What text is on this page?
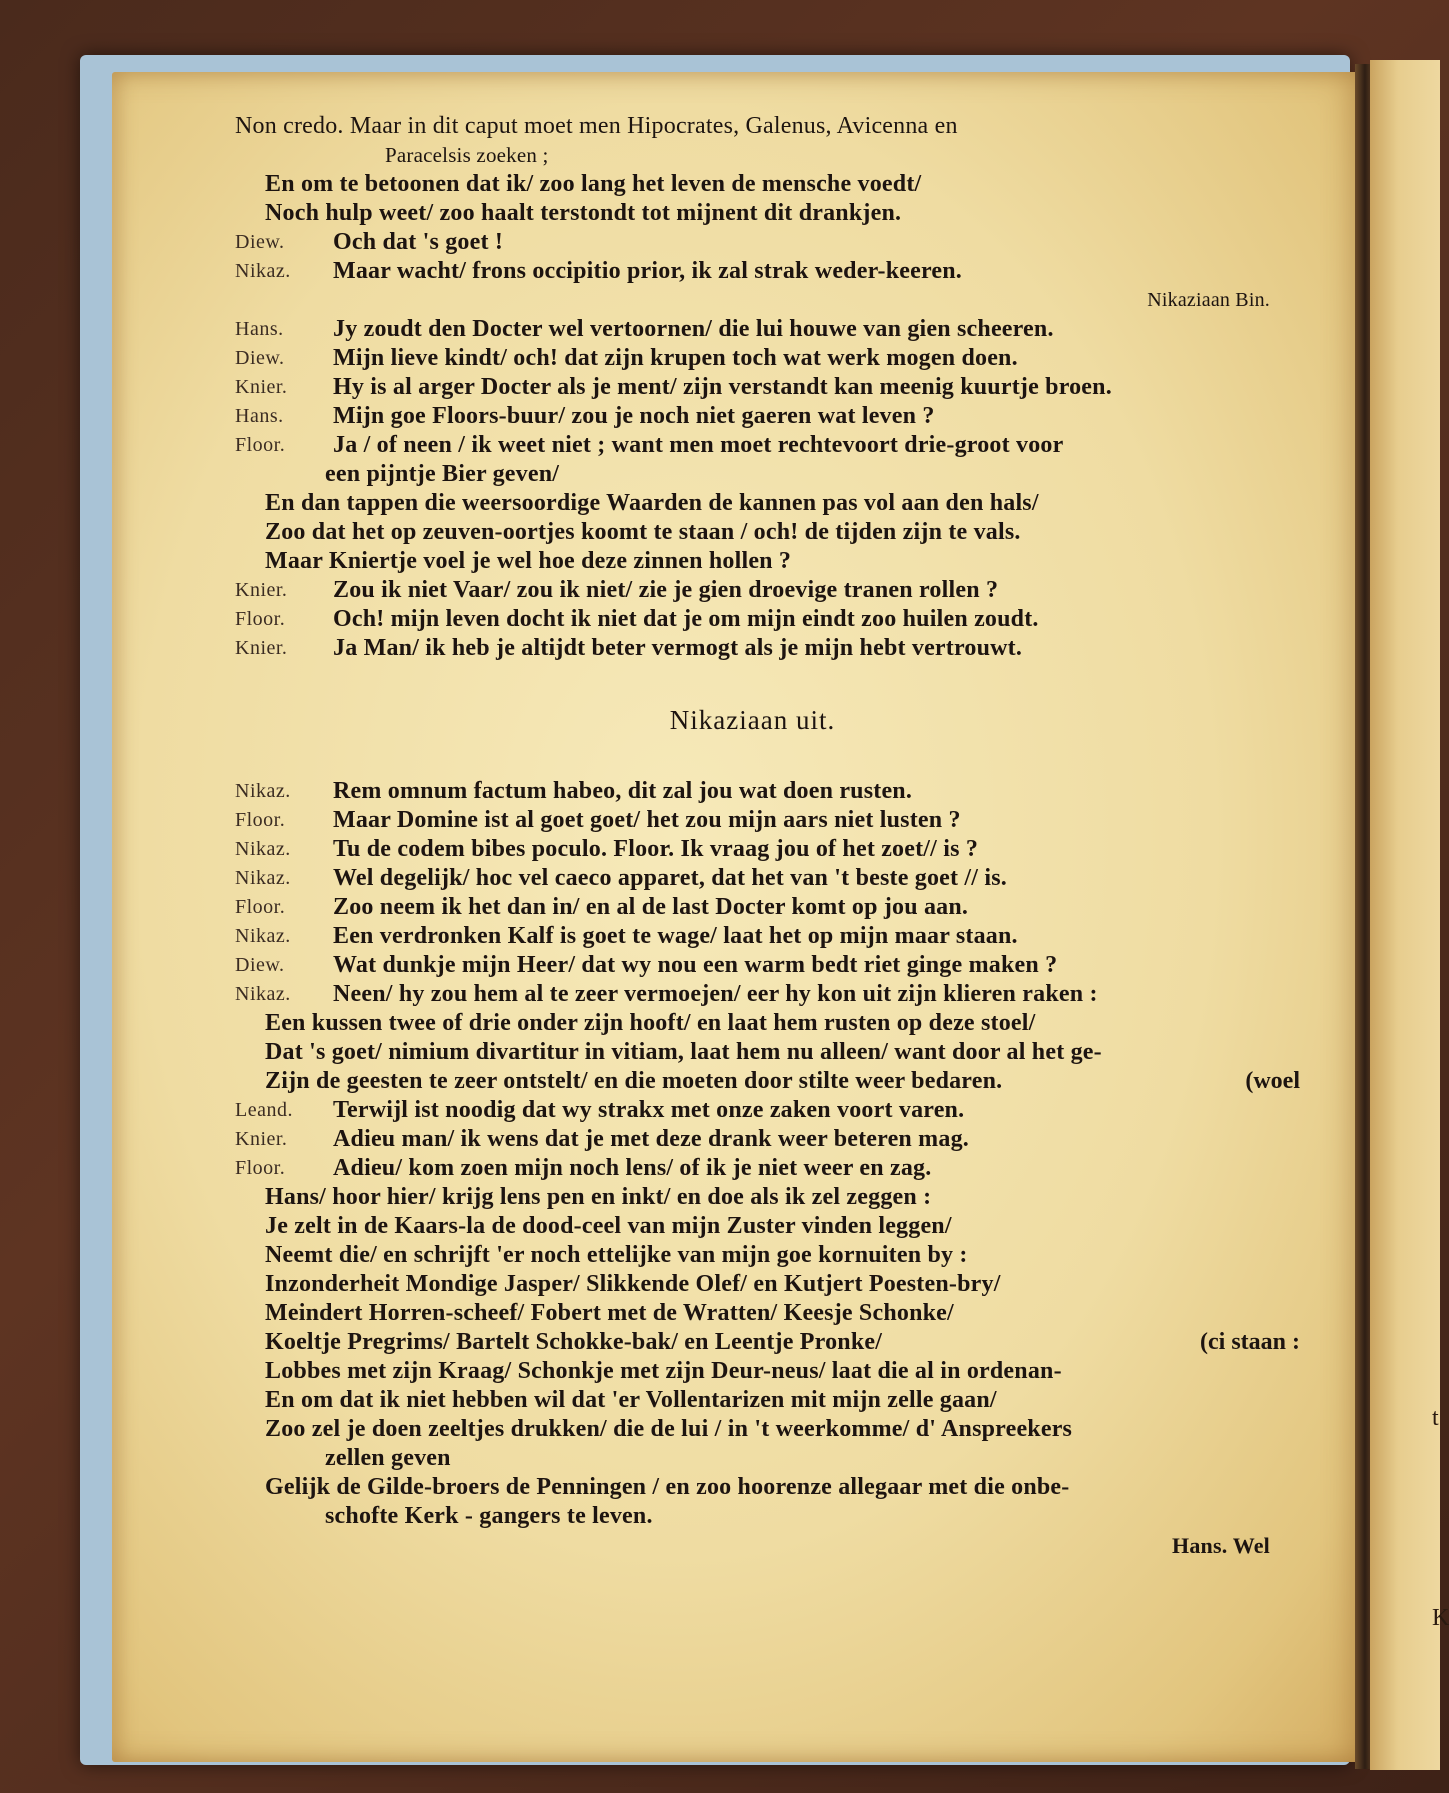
t
K
Non credo. Maar in dit caput moet men Hipocrates, Galenus, Avicenna en
Paracelsis zoeken ;
En om te betoonen dat ik/ zoo lang het leven de mensche voedt/
Noch hulp weet/ zoo haalt terstondt tot mijnent dit drankjen.
Diew. Och dat 's goet !
Nikaz. Maar wacht/ frons occipitio prior, ik zal strak weder-keeren.
Nikaziaan Bin.
Hans. Jy zoudt den Docter wel vertoornen/ die lui houwe van gien scheeren.
Diew. Mijn lieve kindt/ och! dat zijn krupen toch wat werk mogen doen.
Knier. Hy is al arger Docter als je ment/ zijn verstandt kan meenig kuurtje broen.
Hans. Mijn goe Floors-buur/ zou je noch niet gaeren wat leven ?
Floor. Ja / of neen / ik weet niet ; want men moet rechtevoort drie-groot voor
een pijntje Bier geven/
En dan tappen die weersoordige Waarden de kannen pas vol aan den hals/
Zoo dat het op zeuven-oortjes koomt te staan / och! de tijden zijn te vals.
Maar Kniertje voel je wel hoe deze zinnen hollen ?
Knier. Zou ik niet Vaar/ zou ik niet/ zie je gien droevige tranen rollen ?
Floor. Och! mijn leven docht ik niet dat je om mijn eindt zoo huilen zoudt.
Knier. Ja Man/ ik heb je altijdt beter vermogt als je mijn hebt vertrouwt.
Nikaziaan uit.
Nikaz. Rem omnum factum habeo, dit zal jou wat doen rusten.
Floor. Maar Domine ist al goet goet/ het zou mijn aars niet lusten ?
Nikaz. Tu de codem bibes poculo. Floor. Ik vraag jou of het zoet// is ?
Nikaz. Wel degelijk/ hoc vel caeco apparet, dat het van 't beste goet // is.
Floor. Zoo neem ik het dan in/ en al de last Docter komt op jou aan.
Nikaz. Een verdronken Kalf is goet te wage/ laat het op mijn maar staan.
Diew. Wat dunkje mijn Heer/ dat wy nou een warm bedt riet ginge maken ?
Nikaz. Neen/ hy zou hem al te zeer vermoejen/ eer hy kon uit zijn klieren raken :
Een kussen twee of drie onder zijn hooft/ en laat hem rusten op deze stoel/
Dat 's goet/ nimium divartitur in vitiam, laat hem nu alleen/ want door al het ge-
Zijn de geesten te zeer ontstelt/ en die moeten door stilte weer bedaren.	(woel
Leand. Terwijl ist noodig dat wy strakx met onze zaken voort varen.
Knier. Adieu man/ ik wens dat je met deze drank weer beteren mag.
Floor. Adieu/ kom zoen mijn noch lens/ of ik je niet weer en zag.
Hans/ hoor hier/ krijg lens pen en inkt/ en doe als ik zel zeggen :
Je zelt in de Kaars-la de dood-ceel van mijn Zuster vinden leggen/
Neemt die/ en schrijft 'er noch ettelijke van mijn goe kornuiten by :
Inzonderheit Mondige Jasper/ Slikkende Olef/ en Kutjert Poesten-bry/
Meindert Horren-scheef/ Fobert met de Wratten/ Keesje Schonke/
Koeltje Pregrims/ Bartelt Schokke-bak/ en Leentje Pronke/	(ci staan :
Lobbes met zijn Kraag/ Schonkje met zijn Deur-neus/ laat die al in ordenan-
En om dat ik niet hebben wil dat 'er Vollentarizen mit mijn zelle gaan/
Zoo zel je doen zeeltjes drukken/ die de lui / in 't weerkomme/ d' Anspreekers
zellen geven
Gelijk de Gilde-broers de Penningen / en zoo hoorenze allegaar met die onbe-
schofte Kerk - gangers te leven.
Hans. Wel
